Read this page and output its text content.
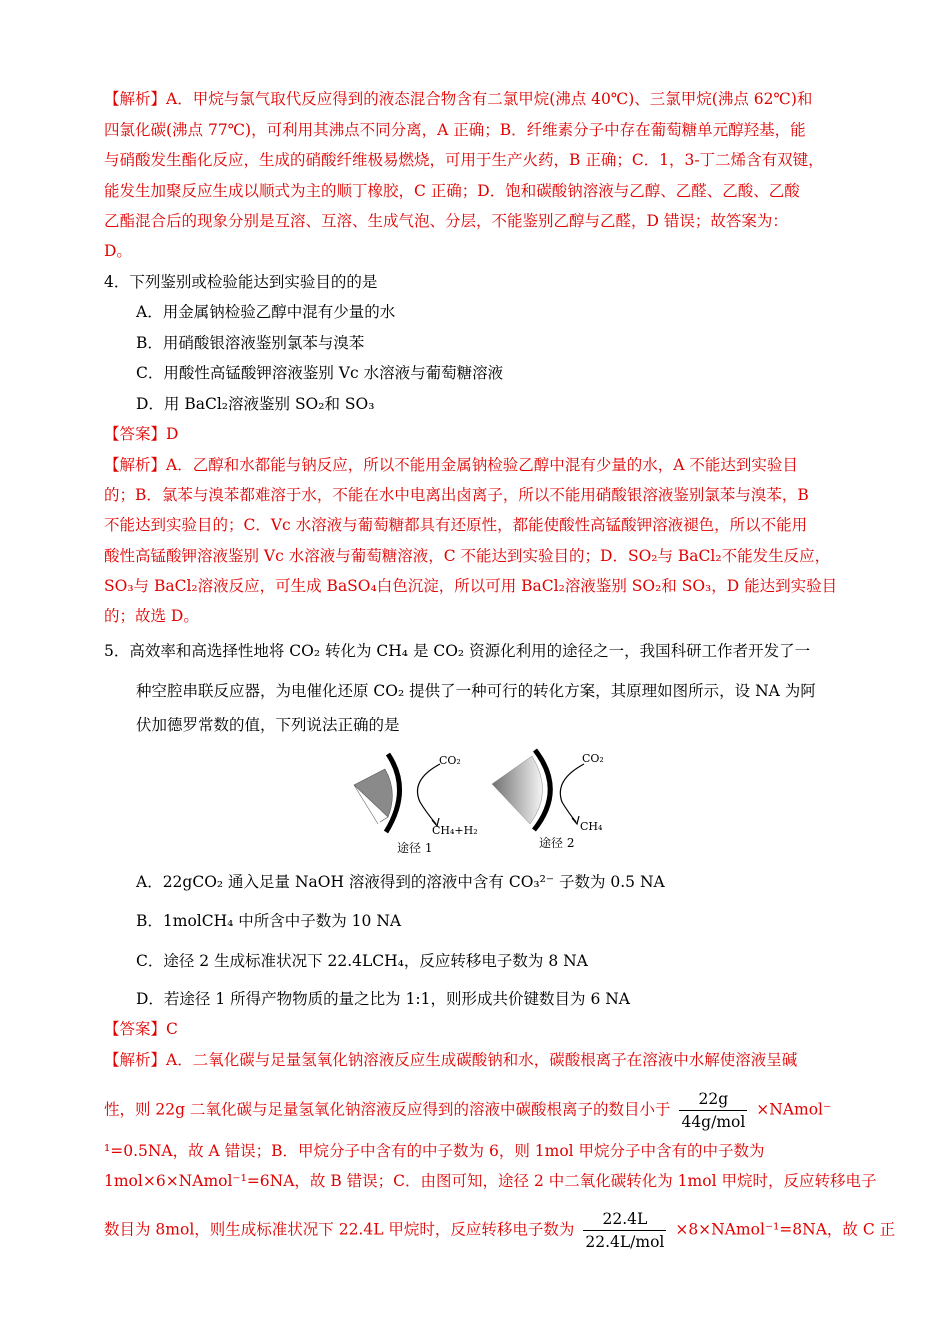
【解析】A．甲烷与氯气取代反应得到的液态混合物含有二氯甲烷(沸点 40℃)、三氯甲烷(沸点 62℃)和
四氯化碳(沸点 77℃)，可利用其沸点不同分离，A 正确；B．纤维素分子中存在葡萄糖单元醇羟基，能
与硝酸发生酯化反应，生成的硝酸纤维极易燃烧，可用于生产火药，B 正确；C．1，3-丁二烯含有双键，
能发生加聚反应生成以顺式为主的顺丁橡胶，C 正确；D．饱和碳酸钠溶液与乙醇、乙醛、乙酸、乙酸
乙酯混合后的现象分别是互溶、互溶、生成气泡、分层，不能鉴别乙醇与乙醛，D 错误；故答案为：
D。
4．下列鉴别或检验能达到实验目的的是
A．用金属钠检验乙醇中混有少量的水
B．用硝酸银溶液鉴别氯苯与溴苯
C．用酸性高锰酸钾溶液鉴别 Vc 水溶液与葡萄糖溶液
D．用 BaCl₂溶液鉴别 SO₂和 SO₃
【答案】D
【解析】A．乙醇和水都能与钠反应，所以不能用金属钠检验乙醇中混有少量的水，A 不能达到实验目
的；B．氯苯与溴苯都难溶于水，不能在水中电离出卤离子，所以不能用硝酸银溶液鉴别氯苯与溴苯，B
不能达到实验目的；C．Vc 水溶液与葡萄糖都具有还原性，都能使酸性高锰酸钾溶液褪色，所以不能用
酸性高锰酸钾溶液鉴别 Vc 水溶液与葡萄糖溶液，C 不能达到实验目的；D．SO₂与 BaCl₂不能发生反应，
SO₃与 BaCl₂溶液反应，可生成 BaSO₄白色沉淀，所以可用 BaCl₂溶液鉴别 SO₂和 SO₃，D 能达到实验目
的；故选 D。
5．高效率和高选择性地将 CO₂ 转化为 CH₄ 是 CO₂ 资源化利用的途径之一，我国科研工作者开发了一
种空腔串联反应器，为电催化还原 CO₂ 提供了一种可行的转化方案，其原理如图所示，设 NA 为阿
伏加德罗常数的值，下列说法正确的是
CO₂
CH₄+H₂
途径 1
CO₂
CH₄
途径 2
A．22gCO₂ 通入足量 NaOH 溶液得到的溶液中含有 CO₃²⁻ 子数为 0.5 NA
B．1molCH₄ 中所含中子数为 10 NA
C．途径 2 生成标准状况下 22.4LCH₄，反应转移电子数为 8 NA
D．若途径 1 所得产物物质的量之比为 1:1，则形成共价键数目为 6 NA
【答案】C
【解析】A．二氧化碳与足量氢氧化钠溶液反应生成碳酸钠和水，碳酸根离子在溶液中水解使溶液呈碱
性，则 22g 二氧化碳与足量氢氧化钠溶液反应得到的溶液中碳酸根离子的数目小于 $\frac{22g}{\text{44g/mol}}$ ×NAmol⁻
¹=0.5NA，故 A 错误；B．甲烷分子中含有的中子数为 6，则 1mol 甲烷分子中含有的中子数为
1mol×6×NAmol⁻¹=6NA，故 B 错误；C．由图可知，途径 2 中二氧化碳转化为 1mol 甲烷时，反应转移电子
数目为 8mol，则生成标准状况下 22.4L 甲烷时，反应转移电子数为 $\frac{22.4L}{\text{22.4L/mol}}$ ×8×NAmol⁻¹=8NA，故 C 正
